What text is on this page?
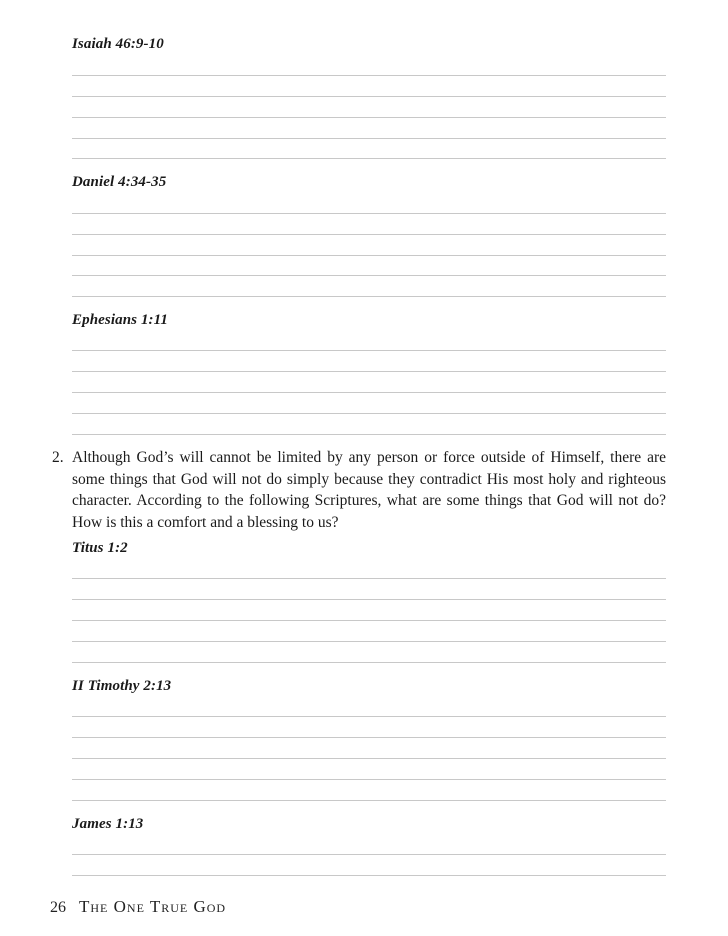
Isaiah 46:9-10
Daniel 4:34-35
Ephesians 1:11
2. Although God’s will cannot be limited by any person or force outside of Himself, there are some things that God will not do simply because they contradict His most holy and righteous character. According to the following Scriptures, what are some things that God will not do? How is this a comfort and a blessing to us?
Titus 1:2
II Timothy 2:13
James 1:13
26 The One True God
